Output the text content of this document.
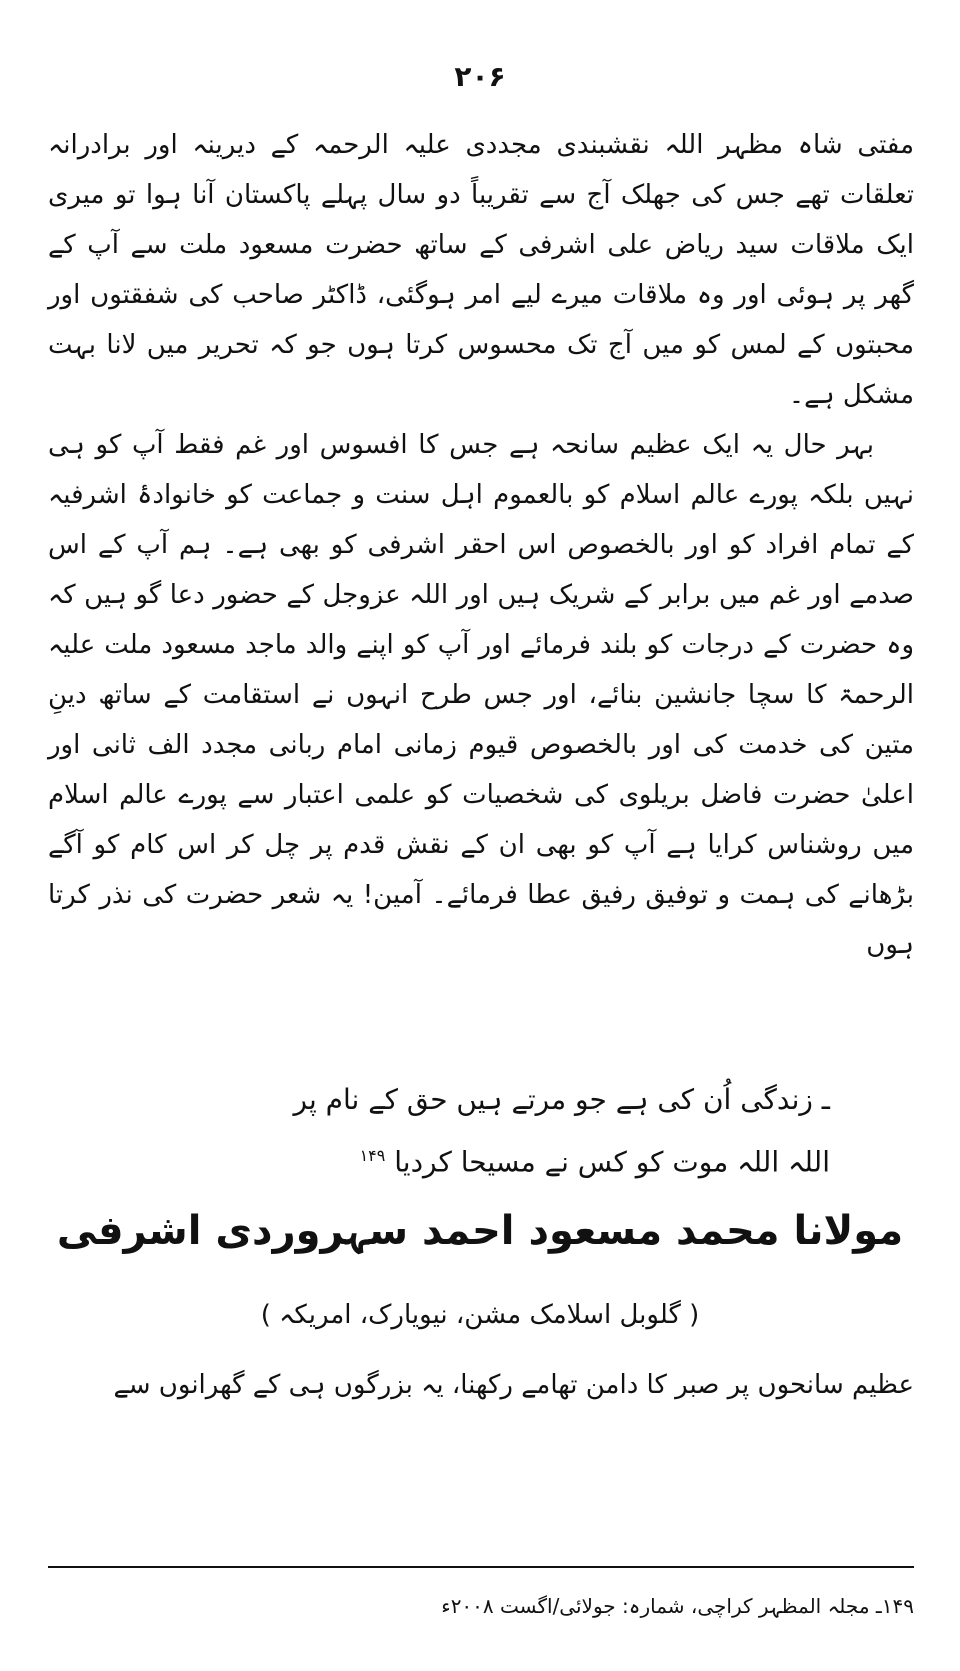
۲۰۶

مفتی شاہ مظہر اللہ نقشبندی مجددی علیہ الرحمہ کے دیرینہ اور برادرانہ تعلقات تھے جس کی جھلک آج سے تقریباً دو سال پہلے پاکستان آنا ہوا تو میری ایک ملاقات سید ریاض علی اشرفی کے ساتھ حضرت مسعود ملت سے آپ کے گھر پر ہوئی اور وہ ملاقات میرے لیے امر ہوگئی، ڈاکٹر صاحب کی شفقتوں اور محبتوں کے لمس کو میں آج تک محسوس کرتا ہوں جو کہ تحریر میں لانا بہت مشکل ہے۔

بہر حال یہ ایک عظیم سانحہ ہے جس کا افسوس اور غم فقط آپ کو ہی نہیں بلکہ پورے عالم اسلام کو بالعموم اہل سنت و جماعت کو خانوادۂ اشرفیہ کے تمام افراد کو اور بالخصوص اس احقر اشرفی کو بھی ہے۔ ہم آپ کے اس صدمے اور غم میں برابر کے شریک ہیں اور اللہ عزوجل کے حضور دعا گو ہیں کہ وہ حضرت کے درجات کو بلند فرمائے اور آپ کو اپنے والد ماجد مسعود ملت علیہ الرحمۃ کا سچا جانشین بنائے، اور جس طرح انہوں نے استقامت کے ساتھ دینِ متین کی خدمت کی اور بالخصوص قیوم زمانی امام ربانی مجدد الف ثانی اور اعلیٰ حضرت فاضل بریلوی کی شخصیات کو علمی اعتبار سے پورے عالم اسلام میں روشناس کرایا ہے آپ کو بھی ان کے نقش قدم پر چل کر اس کام کو آگے بڑھانے کی ہمت و توفیق رفیق عطا فرمائے۔ آمین! یہ شعر حضرت کی نذر کرتا ہوں

ـ زندگی اُن کی ہے جو مرتے ہیں حق کے نام پر
اللہ اللہ موت کو کس نے مسیحا کردیا $^{۱۴۹}$
مولانا محمد مسعود احمد سہروردی اشرفی
( گلوبل اسلامک مشن، نیویارک، امریکہ )
عظیم سانحوں پر صبر کا دامن تھامے رکھنا، یہ بزرگوں ہی کے گھرانوں سے
۱۴۹ـ مجلہ المظہر کراچی، شمارہ: جولائی/اگست ۲۰۰۸ء
